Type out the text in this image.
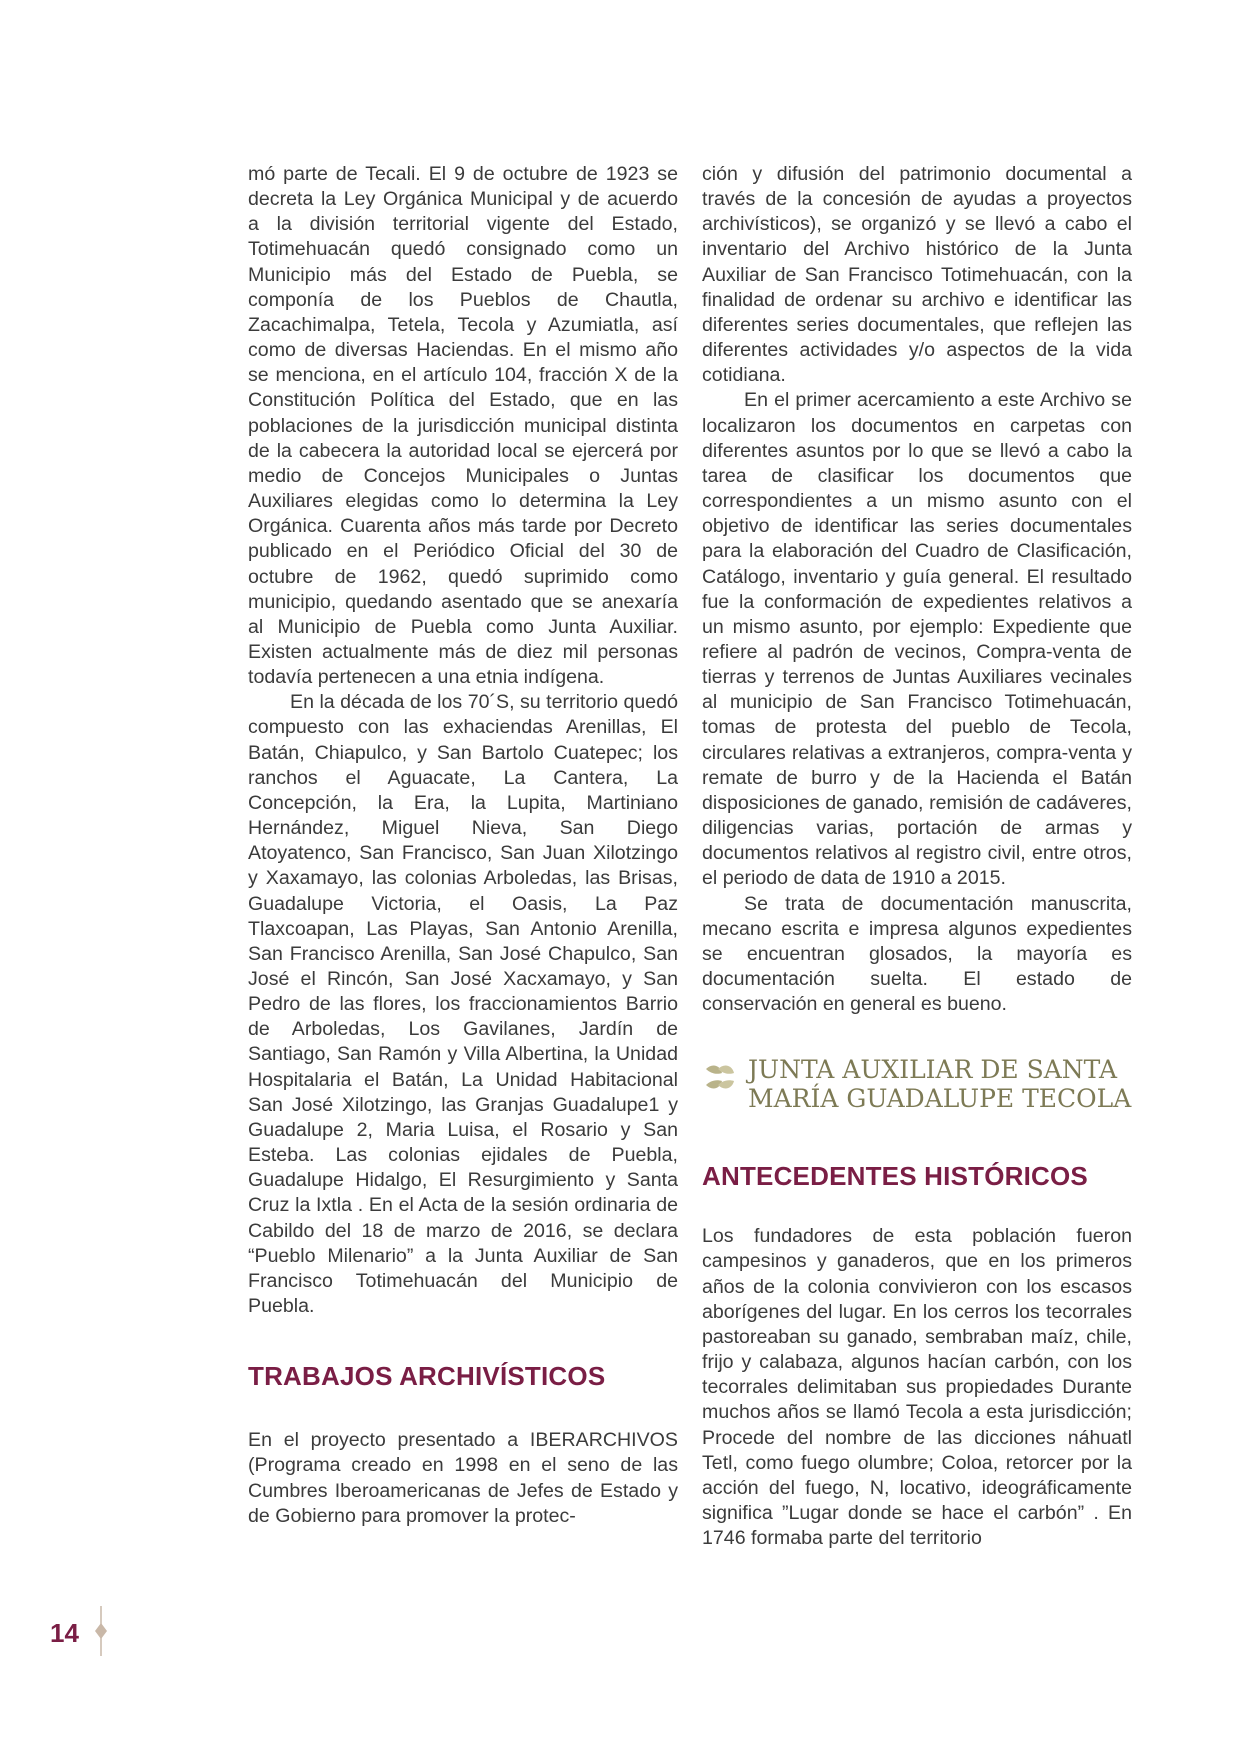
mó parte de Tecali. El 9 de octubre de 1923 se decreta la Ley Orgánica Municipal y de acuerdo a la división territorial vigente del Estado, Totimehuacán quedó consignado como un Municipio más del Estado de Puebla, se componía de los Pueblos de Chautla, Zacachimalpa, Tetela, Tecola y Azumiatla, así como de diversas Haciendas. En el mismo año se menciona, en el artículo 104, fracción X de la Constitución Política del Estado, que en las poblaciones de la jurisdicción municipal distinta de la cabecera la autoridad local se ejercerá por medio de Concejos Municipales o Juntas Auxiliares elegidas como lo determina la Ley Orgánica. Cuarenta años más tarde por Decreto publicado en el Periódico Oficial del 30 de octubre de 1962, quedó suprimido como municipio, quedando asentado que se anexaría al Municipio de Puebla como Junta Auxiliar. Existen actualmente más de diez mil personas todavía pertenecen a una etnia indígena.

En la década de los 70´S, su territorio quedó compuesto con las exhaciendas Arenillas, El Batán, Chiapulco, y San Bartolo Cuatepec; los ranchos el Aguacate, La Cantera, La Concepción, la Era, la Lupita, Martiniano Hernández, Miguel Nieva, San Diego Atoyatenco, San Francisco, San Juan Xilotzingo y Xaxamayo, las colonias Arboledas, las Brisas, Guadalupe Victoria, el Oasis, La Paz Tlaxcoapan, Las Playas, San Antonio Arenilla, San Francisco Arenilla, San José Chapulco, San José el Rincón, San José Xacxamayo, y San Pedro de las flores, los fraccionamientos Barrio de Arboledas, Los Gavilanes, Jardín de Santiago, San Ramón y Villa Albertina, la Unidad Hospitalaria el Batán, La Unidad Habitacional San José Xilotzingo, las Granjas Guadalupe1 y Guadalupe 2, Maria Luisa, el Rosario y San Esteba. Las colonias ejidales de Puebla, Guadalupe Hidalgo, El Resurgimiento y Santa Cruz la Ixtla . En el Acta de la sesión ordinaria de Cabildo del 18 de marzo de 2016, se declara “Pueblo Milenario” a la Junta Auxiliar de San Francisco Totimehuacán del Municipio de Puebla.

TRABAJOS ARCHIVÍSTICOS

En el proyecto presentado a IBERARCHIVOS (Programa creado en 1998 en el seno de las Cumbres Iberoamericanas de Jefes de Estado y de Gobierno para promover la protec-

ción y difusión del patrimonio documental a través de la concesión de ayudas a proyectos archivísticos), se organizó y se llevó a cabo el inventario del Archivo histórico de la Junta Auxiliar de San Francisco Totimehuacán, con la finalidad de ordenar su archivo e identificar las diferentes series documentales, que reflejen las diferentes actividades y/o aspectos de la vida cotidiana.

En el primer acercamiento a este Archivo se localizaron los documentos en carpetas con diferentes asuntos por lo que se llevó a cabo la tarea de clasificar los documentos que correspondientes a un mismo asunto con el objetivo de identificar las series documentales para la elaboración del Cuadro de Clasificación, Catálogo, inventario y guía general. El resultado fue la conformación de expedientes relativos a un mismo asunto, por ejemplo: Expediente que refiere al padrón de vecinos, Compra-venta de tierras y terrenos de Juntas Auxiliares vecinales al municipio de San Francisco Totimehuacán, tomas de protesta del pueblo de Tecola, circulares relativas a extranjeros, compra-venta y remate de burro y de la Hacienda el Batán disposiciones de ganado, remisión de cadáveres, diligencias varias, portación de armas y documentos relativos al registro civil, entre otros, el periodo de data de 1910 a 2015.

Se trata de documentación manuscrita, mecano escrita e impresa algunos expedientes se encuentran glosados, la mayoría es documentación suelta. El estado de conservación en general es bueno.

JUNTA AUXILIAR DE SANTA
MARÍA GUADALUPE TECOLA
ANTECEDENTES HISTÓRICOS

Los fundadores de esta población fueron campesinos y ganaderos, que en los primeros años de la colonia convivieron con los escasos aborígenes del lugar. En los cerros los tecorrales pastoreaban su ganado, sembraban maíz, chile, frijo y calabaza, algunos hacían carbón, con los tecorrales delimitaban sus propiedades Durante muchos años se llamó Tecola a esta jurisdicción; Procede del nombre de las dicciones náhuatl Tetl, como fuego olumbre; Coloa, retorcer por la acción del fuego, N, locativo, ideográficamente significa ”Lugar donde se hace el carbón” . En 1746 formaba parte del territorio

14
